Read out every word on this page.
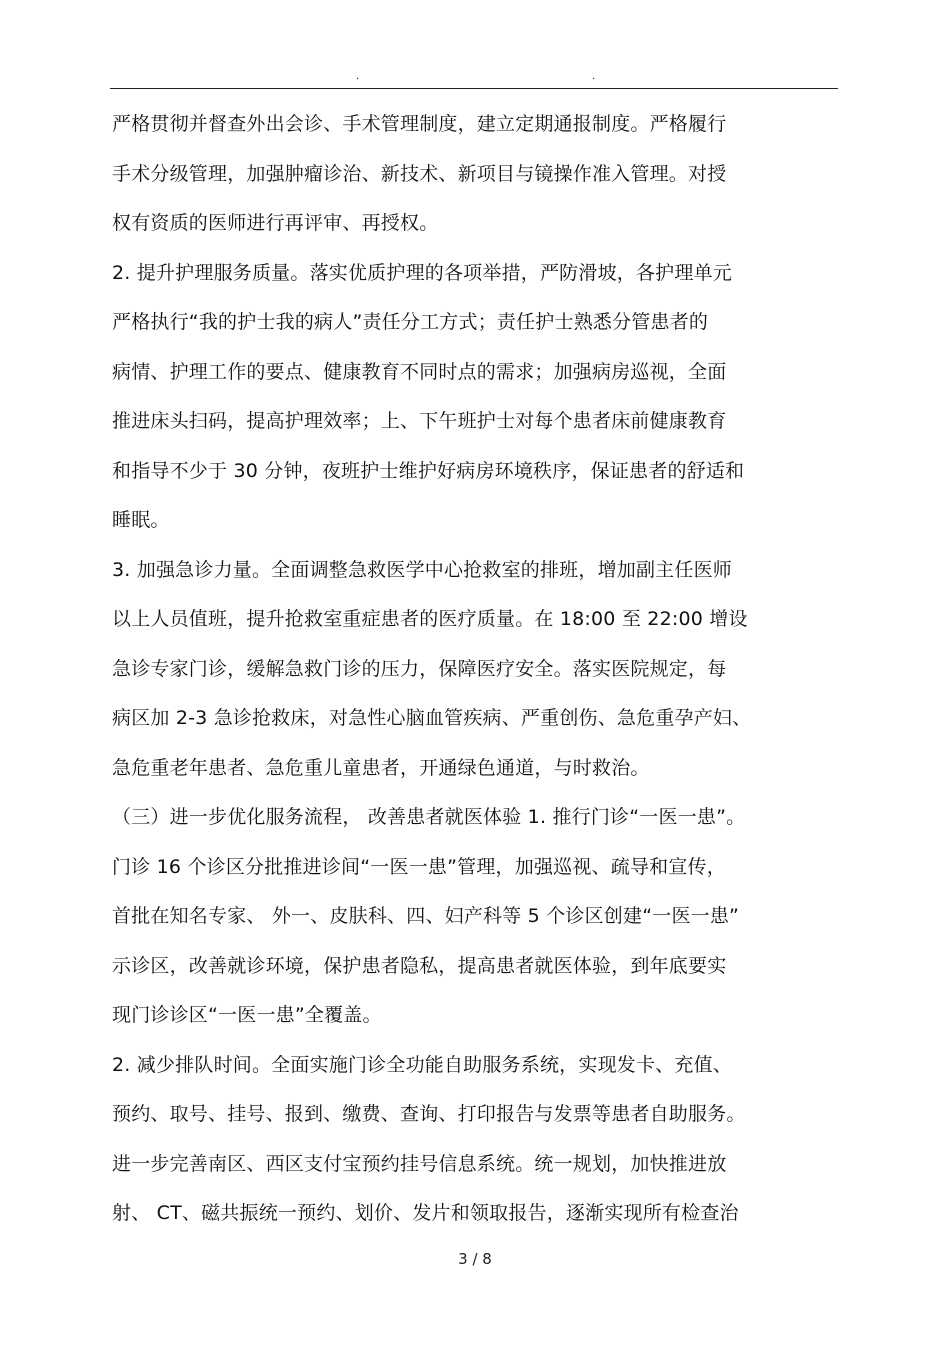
.	.
严格贯彻并督查外出会诊、手术管理制度，建立定期通报制度。严格履行
手术分级管理，加强肿瘤诊治、新技术、新项目与镜操作准入管理。对授
权有资质的医师进行再评审、再授权。
2. 提升护理服务质量。落实优质护理的各项举措，严防滑坡，各护理单元
严格执行“我的护士我的病人”责任分工方式；责任护士熟悉分管患者的
病情、护理工作的要点、健康教育不同时点的需求；加强病房巡视，全面
推进床头扫码，提高护理效率；上、下午班护士对每个患者床前健康教育
和指导不少于 30 分钟，夜班护士维护好病房环境秩序，保证患者的舒适和
睡眠。
3. 加强急诊力量。全面调整急救医学中心抢救室的排班，增加副主任医师
以上人员值班，提升抢救室重症患者的医疗质量。在 18:00 至 22:00 增设
急诊专家门诊，缓解急救门诊的压力，保障医疗安全。落实医院规定，每
病区加 2-3 急诊抢救床，对急性心脑血管疾病、严重创伤、急危重孕产妇、
急危重老年患者、急危重儿童患者，开通绿色通道，与时救治。
（三）进一步优化服务流程， 改善患者就医体验 1. 推行门诊“一医一患”。
门诊 16 个诊区分批推进诊间“一医一患”管理，加强巡视、疏导和宣传，
首批在知名专家、 外一、皮肤科、四、妇产科等 5 个诊区创建“一医一患”
示诊区，改善就诊环境，保护患者隐私，提高患者就医体验，到年底要实
现门诊诊区“一医一患”全覆盖。
2. 减少排队时间。全面实施门诊全功能自助服务系统，实现发卡、充值、
预约、取号、挂号、报到、缴费、查询、打印报告与发票等患者自助服务。
进一步完善南区、西区支付宝预约挂号信息系统。统一规划，加快推进放
射、 CT、磁共振统一预约、划价、发片和领取报告，逐渐实现所有检查治
3 / 8
